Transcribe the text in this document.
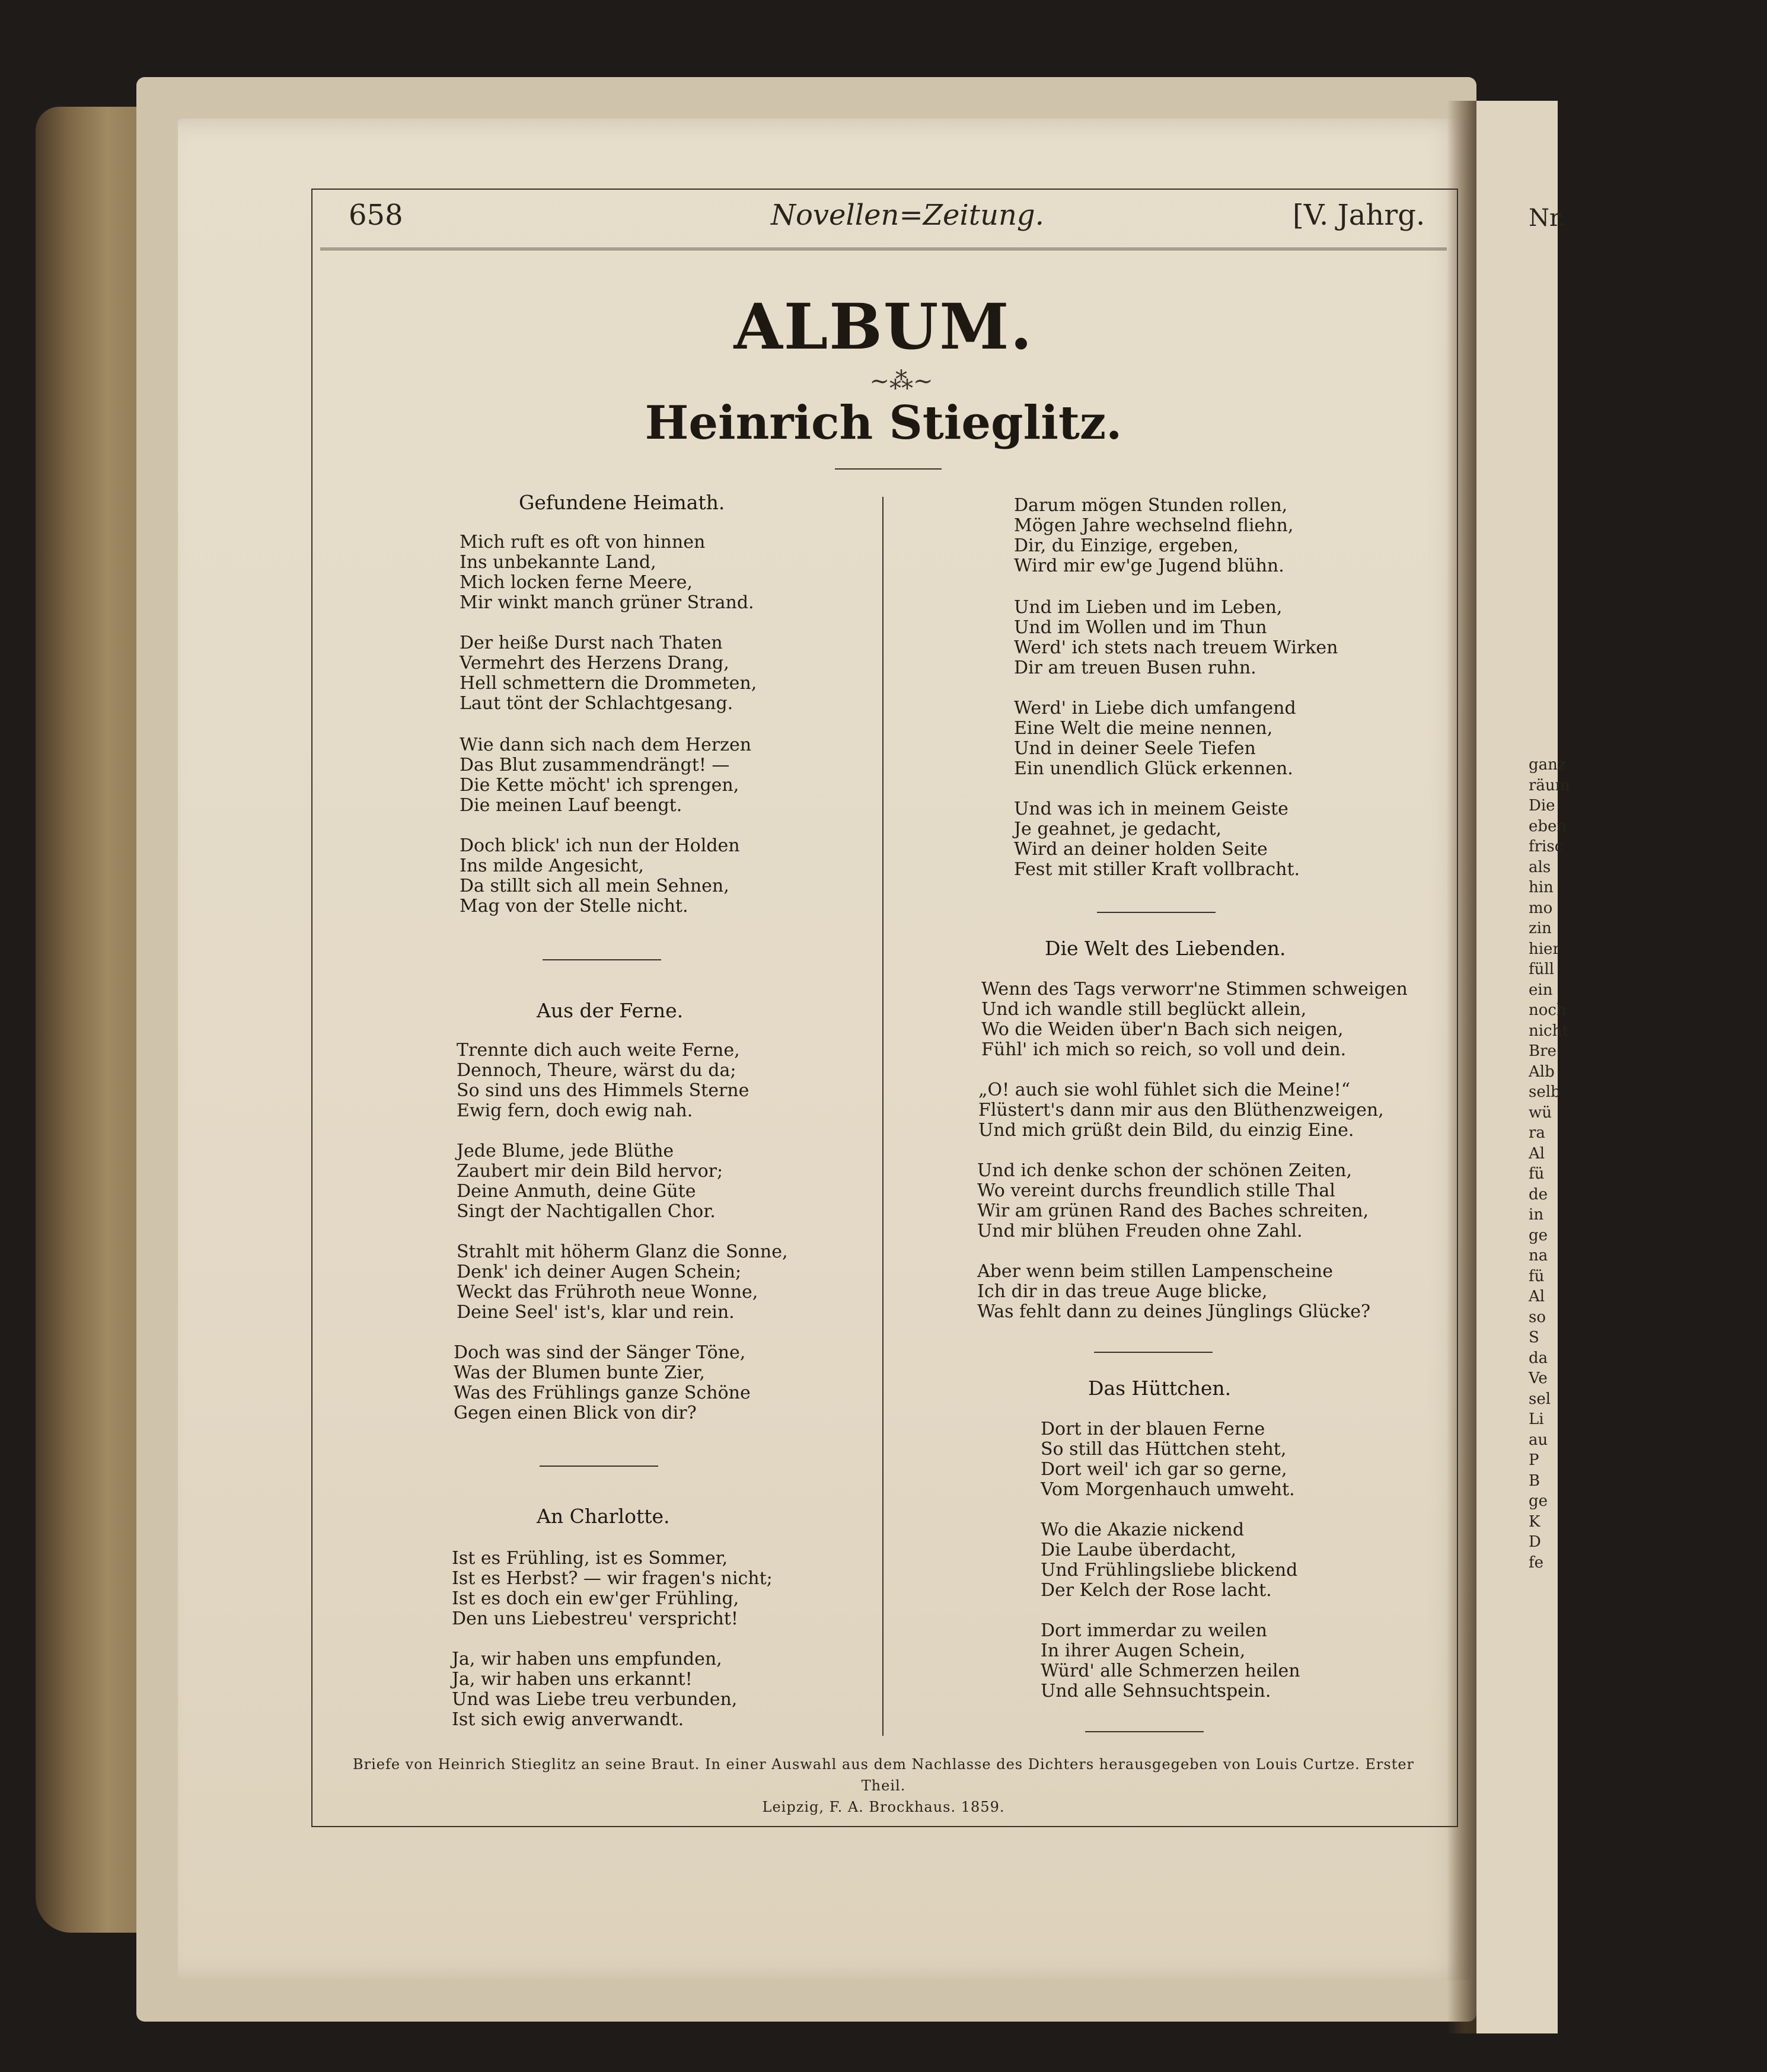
658	Novellen=Zeitung.	[V. Jahrg.
ALBUM.
~⁂~
Heinrich Stieglitz.
Gefundene Heimath.
Mich ruft es oft von hinnen
Ins unbekannte Land,
Mich locken ferne Meere,
Mir winkt manch grüner Strand.
Der heiße Durst nach Thaten
Vermehrt des Herzens Drang,
Hell schmettern die Drommeten,
Laut tönt der Schlachtgesang.
Wie dann sich nach dem Herzen
Das Blut zusammendrängt! —
Die Kette möcht' ich sprengen,
Die meinen Lauf beengt.
Doch blick' ich nun der Holden
Ins milde Angesicht,
Da stillt sich all mein Sehnen,
Mag von der Stelle nicht.
Aus der Ferne.
Trennte dich auch weite Ferne,
Dennoch, Theure, wärst du da;
So sind uns des Himmels Sterne
Ewig fern, doch ewig nah.
Jede Blume, jede Blüthe
Zaubert mir dein Bild hervor;
Deine Anmuth, deine Güte
Singt der Nachtigallen Chor.
Strahlt mit höherm Glanz die Sonne,
Denk' ich deiner Augen Schein;
Weckt das Frühroth neue Wonne,
Deine Seel' ist's, klar und rein.
Doch was sind der Sänger Töne,
Was der Blumen bunte Zier,
Was des Frühlings ganze Schöne
Gegen einen Blick von dir?
An Charlotte.
Ist es Frühling, ist es Sommer,
Ist es Herbst? — wir fragen's nicht;
Ist es doch ein ew'ger Frühling,
Den uns Liebestreu' verspricht!
Ja, wir haben uns empfunden,
Ja, wir haben uns erkannt!
Und was Liebe treu verbunden,
Ist sich ewig anverwandt.
Darum mögen Stunden rollen,
Mögen Jahre wechselnd fliehn,
Dir, du Einzige, ergeben,
Wird mir ew'ge Jugend blühn.
Und im Lieben und im Leben,
Und im Wollen und im Thun
Werd' ich stets nach treuem Wirken
Dir am treuen Busen ruhn.
Werd' in Liebe dich umfangend
Eine Welt die meine nennen,
Und in deiner Seele Tiefen
Ein unendlich Glück erkennen.
Und was ich in meinem Geiste
Je geahnet, je gedacht,
Wird an deiner holden Seite
Fest mit stiller Kraft vollbracht.
Die Welt des Liebenden.
Wenn des Tags verworr'ne Stimmen schweigen
Und ich wandle still beglückt allein,
Wo die Weiden über'n Bach sich neigen,
Fühl' ich mich so reich, so voll und dein.
„O! auch sie wohl fühlet sich die Meine!“
Flüstert's dann mir aus den Blüthenzweigen,
Und mich grüßt dein Bild, du einzig Eine.
Und ich denke schon der schönen Zeiten,
Wo vereint durchs freundlich stille Thal
Wir am grünen Rand des Baches schreiten,
Und mir blühen Freuden ohne Zahl.
Aber wenn beim stillen Lampenscheine
Ich dir in das treue Auge blicke,
Was fehlt dann zu deines Jünglings Glücke?
Das Hüttchen.
Dort in der blauen Ferne
So still das Hüttchen steht,
Dort weil' ich gar so gerne,
Vom Morgenhauch umweht.
Wo die Akazie nickend
Die Laube überdacht,
Und Frühlingsliebe blickend
Der Kelch der Rose lacht.
Dort immerdar zu weilen
In ihrer Augen Schein,
Würd' alle Schmerzen heilen
Und alle Sehnsuchtspein.
Briefe von Heinrich Stieglitz an seine Braut. In einer Auswahl aus dem Nachlasse des Dichters herausgegeben von Louis Curtze. Erster Theil.
Leipzig, F. A. Brockhaus. 1859.
Nr.
ganz
räum
Die
eben
frisc
als
hin
mo
zin
hier
füll
ein
noch
nicht
Bre
Alb
selb
wü
ra
Al
fü
de
in
ge
na
fü
Al
so
S
da
Ve
sel
Li
au
P
B
ge
K
D
fe
